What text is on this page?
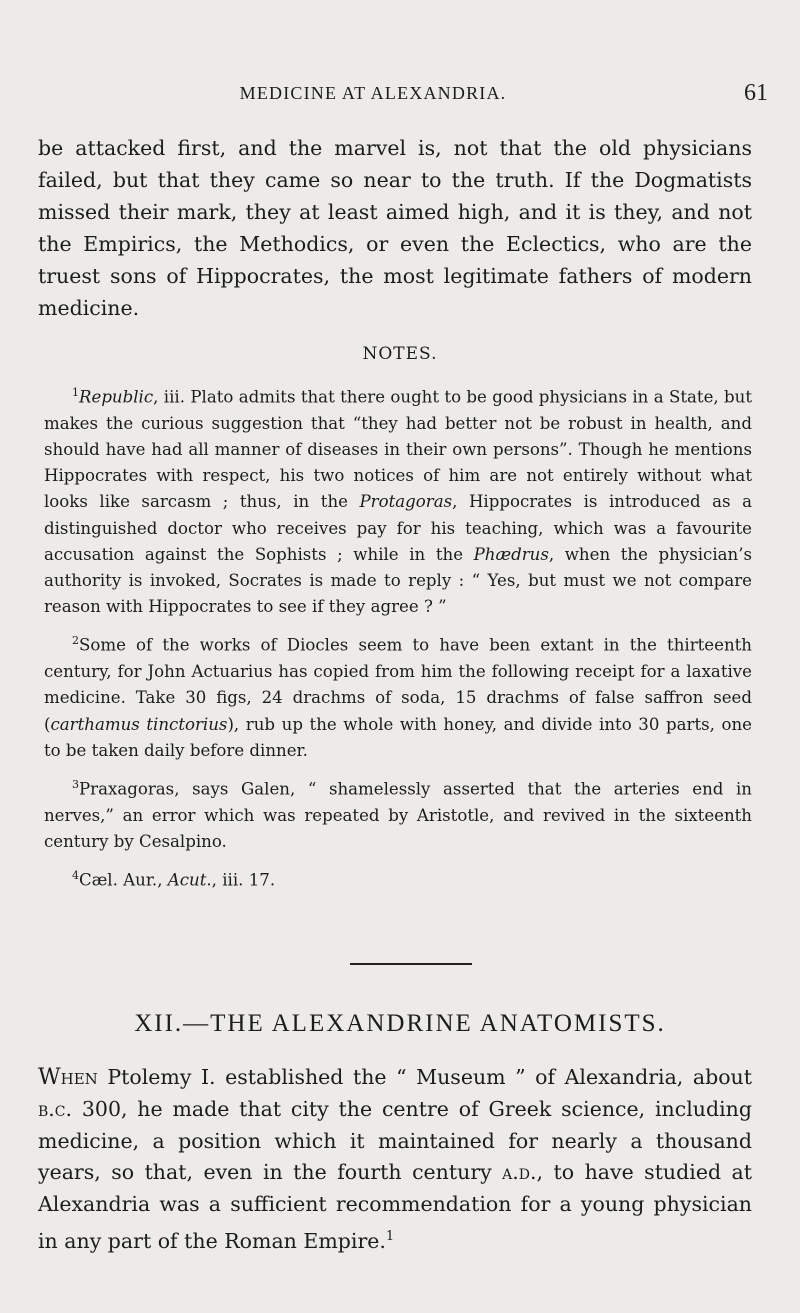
MEDICINE AT ALEXANDRIA.	61

be attacked first, and the marvel is, not that the old physicians failed, but that they came so near to the truth. If the Dogmatists missed their mark, they at least aimed high, and it is they, and not the Empirics, the Methodics, or even the Eclectics, who are the truest sons of Hippocrates, the most legitimate fathers of modern medicine.

NOTES.

$^1$Republic, iii. Plato admits that there ought to be good physicians in a State, but makes the curious suggestion that “they had better not be robust in health, and should have had all manner of diseases in their own persons”. Though he mentions Hippocrates with respect, his two notices of him are not entirely without what looks like sarcasm ; thus, in the Protagoras, Hippocrates is introduced as a distinguished doctor who receives pay for his teaching, which was a favourite accusation against the Sophists ; while in the Phædrus, when the physician’s authority is invoked, Socrates is made to reply : “ Yes, but must we not compare reason with Hippocrates to see if they agree ? ”

$^2$Some of the works of Diocles seem to have been extant in the thirteenth century, for John Actuarius has copied from him the following receipt for a laxative medicine. Take 30 figs, 24 drachms of soda, 15 drachms of false saffron seed (carthamus tinctorius), rub up the whole with honey, and divide into 30 parts, one to be taken daily before dinner.

$^3$Praxagoras, says Galen, “ shamelessly asserted that the arteries end in nerves,” an error which was repeated by Aristotle, and revived in the sixteenth century by Cesalpino.

$^4$Cæl. Aur., Acut., iii. 17.

XII.—THE ALEXANDRINE ANATOMISTS.

When Ptolemy I. established the “ Museum ” of Alexandria, about b.c. 300, he made that city the centre of Greek science, including medicine, a position which it maintained for nearly a thousand years, so that, even in the fourth century a.d., to have studied at Alexandria was a sufficient recommendation for a young physician in any part of the Roman Empire.$^1$
